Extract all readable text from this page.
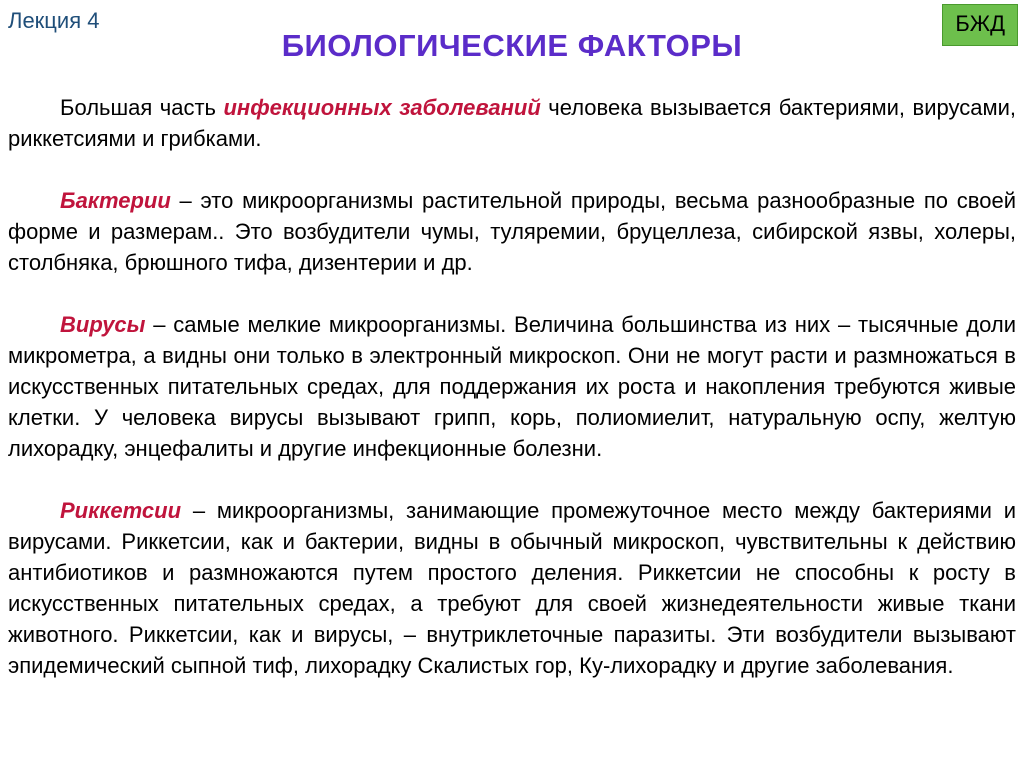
Лекция 4	БЖД
БИОЛОГИЧЕСКИЕ ФАКТОРЫ

Большая часть инфекционных заболеваний человека вызывается бактериями, вирусами, риккетсиями и грибками.

Бактерии – это микроорганизмы растительной природы, весьма разнообразные по своей форме и размерам.. Это возбудители чумы, туляремии, бруцеллеза, сибирской язвы, холеры, столбняка, брюшного тифа, дизентерии и др.

Вирусы – самые мелкие микроорганизмы. Величина большинства из них – тысячные доли микрометра, а видны они только в электронный микроскоп. Они не могут расти и размножаться в искусственных питательных средах, для поддержания их роста и накопления требуются живые клетки. У человека вирусы вызывают грипп, корь, полиомиелит, натуральную оспу, желтую лихорадку, энцефалиты и другие инфекционные болезни.

Риккетсии – микроорганизмы, занимающие промежуточное место между бактериями и вирусами. Риккетсии, как и бактерии, видны в обычный микроскоп, чувствительны к действию антибиотиков и размножаются путем простого деления. Риккетсии не способны к росту в искусственных питательных средах, а требуют для своей жизнедеятельности живые ткани животного. Риккетсии, как и вирусы, – внутриклеточные паразиты. Эти возбудители вызывают эпидемический сыпной тиф, лихорадку Скалистых гор, Ку-лихорадку и другие заболевания.
